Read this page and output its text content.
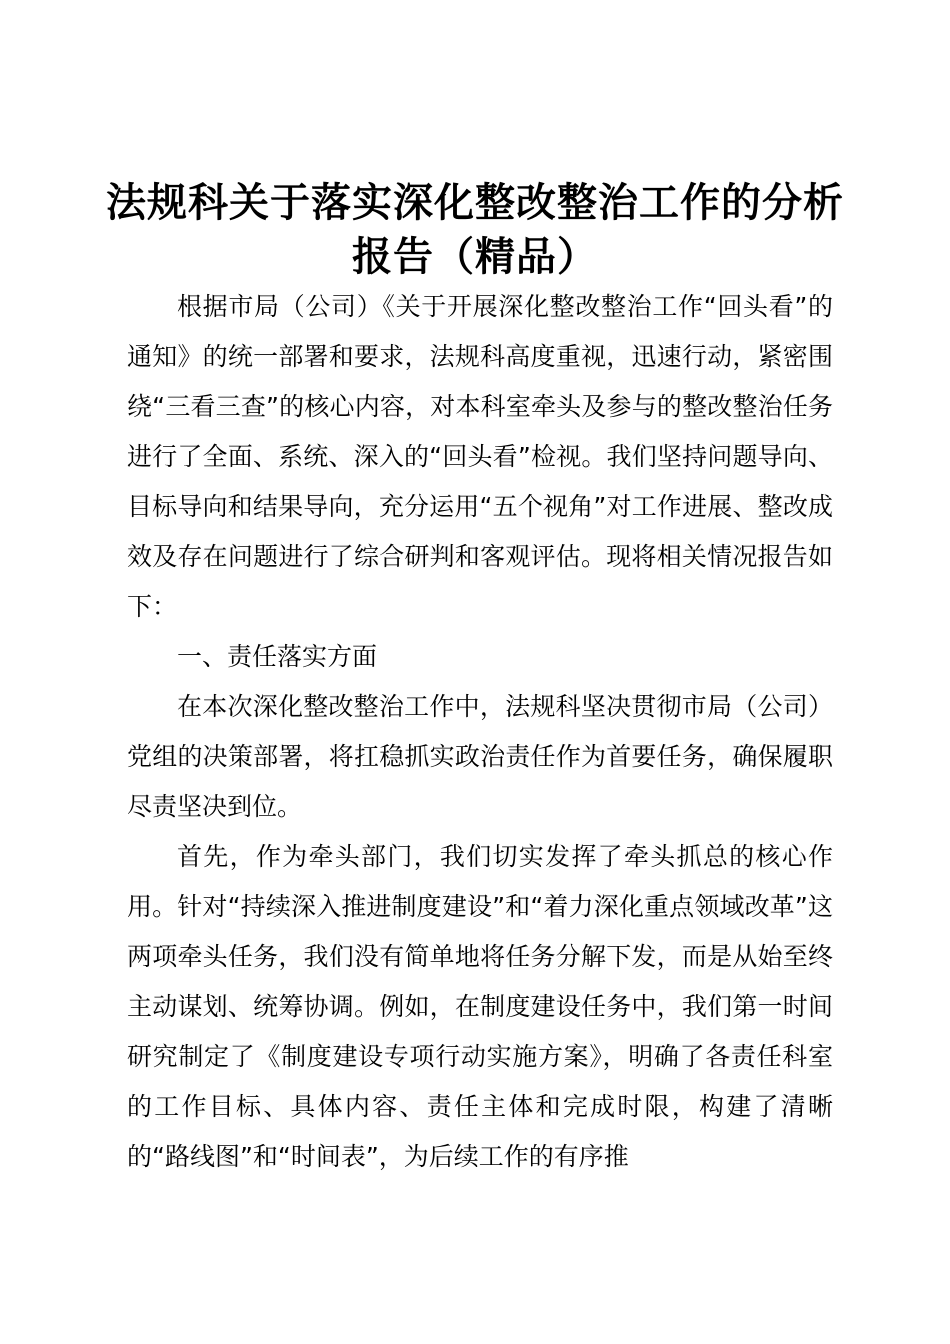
法规科关于落实深化整改整治工作的分析报告（精品）

根据市局（公司）《关于开展深化整改整治工作“回头看”的通知》的统一部署和要求，法规科高度重视，迅速行动，紧密围绕“三看三查”的核心内容，对本科室牵头及参与的整改整治任务进行了全面、系统、深入的“回头看”检视。我们坚持问题导向、目标导向和结果导向，充分运用“五个视角”对工作进展、整改成效及存在问题进行了综合研判和客观评估。现将相关情况报告如下：

一、责任落实方面

在本次深化整改整治工作中，法规科坚决贯彻市局（公司）党组的决策部署，将扛稳抓实政治责任作为首要任务，确保履职尽责坚决到位。

首先，作为牵头部门，我们切实发挥了牵头抓总的核心作用。针对“持续深入推进制度建设”和“着力深化重点领域改革”这两项牵头任务，我们没有简单地将任务分解下发，而是从始至终主动谋划、统筹协调。例如，在制度建设任务中，我们第一时间研究制定了《制度建设专项行动实施方案》，明确了各责任科室的工作目标、具体内容、责任主体和完成时限，构建了清晰的“路线图”和“时间表”，为后续工作的有序推
